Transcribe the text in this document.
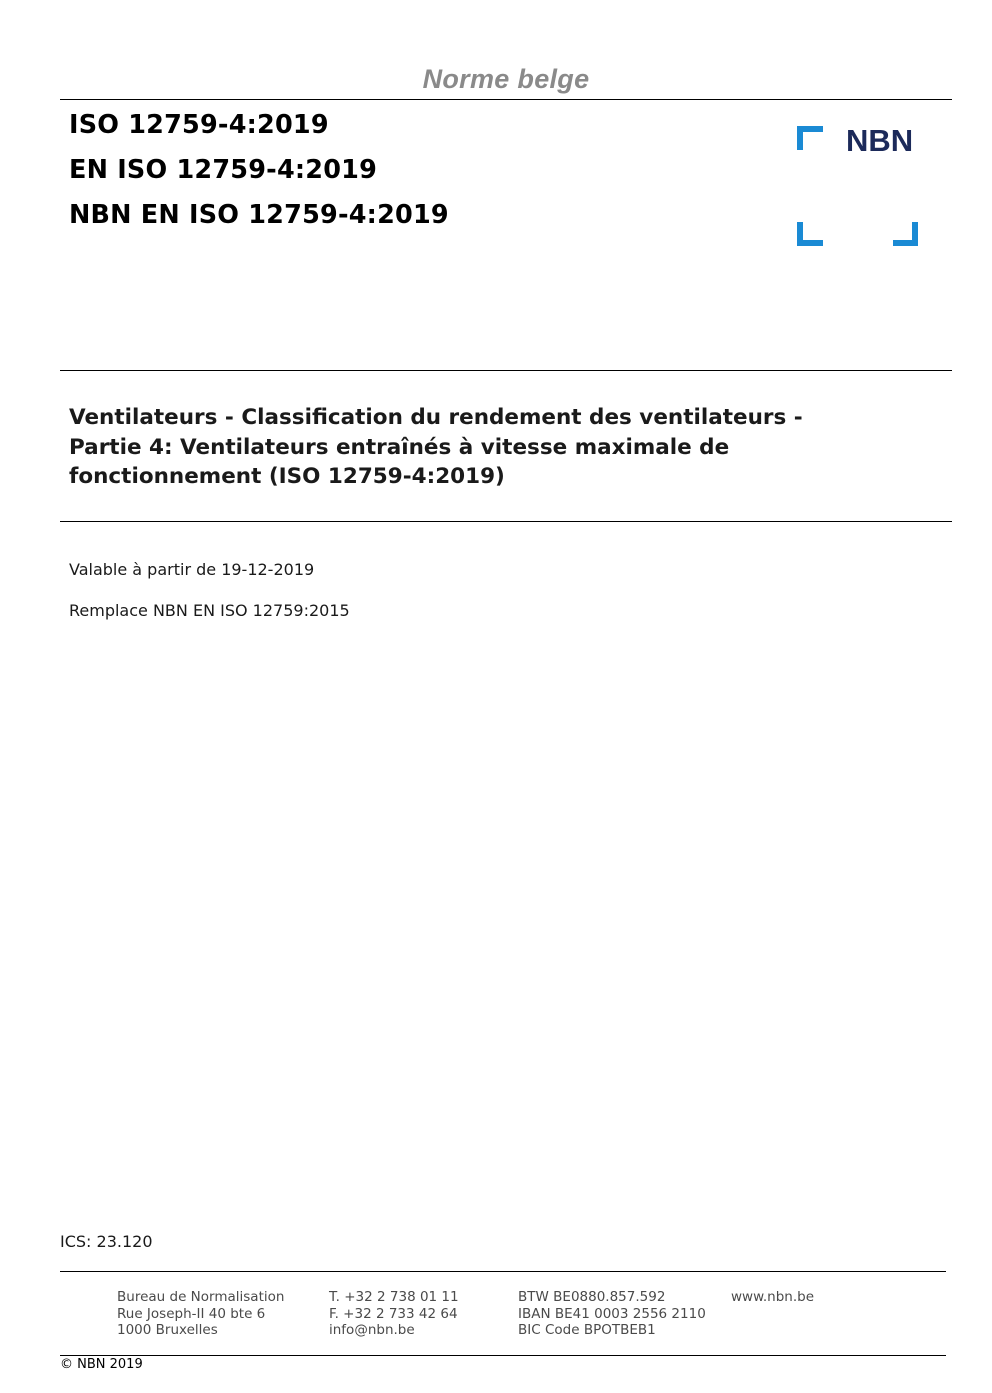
Norme belge
ISO 12759-4:2019
EN ISO 12759-4:2019
NBN EN ISO 12759-4:2019
NBN
Ventilateurs - Classification du rendement des ventilateurs -
Partie 4: Ventilateurs entraînés à vitesse maximale de
fonctionnement (ISO 12759-4:2019)
Valable à partir de 19-12-2019
Remplace NBN EN ISO 12759:2015
ICS: 23.120
Bureau de Normalisation
Rue Joseph-II 40 bte 6
1000 Bruxelles
T. +32 2 738 01 11
F. +32 2 733 42 64
info@nbn.be
BTW BE0880.857.592
IBAN BE41 0003 2556 2110
BIC Code BPOTBEB1
www.nbn.be
© NBN 2019
